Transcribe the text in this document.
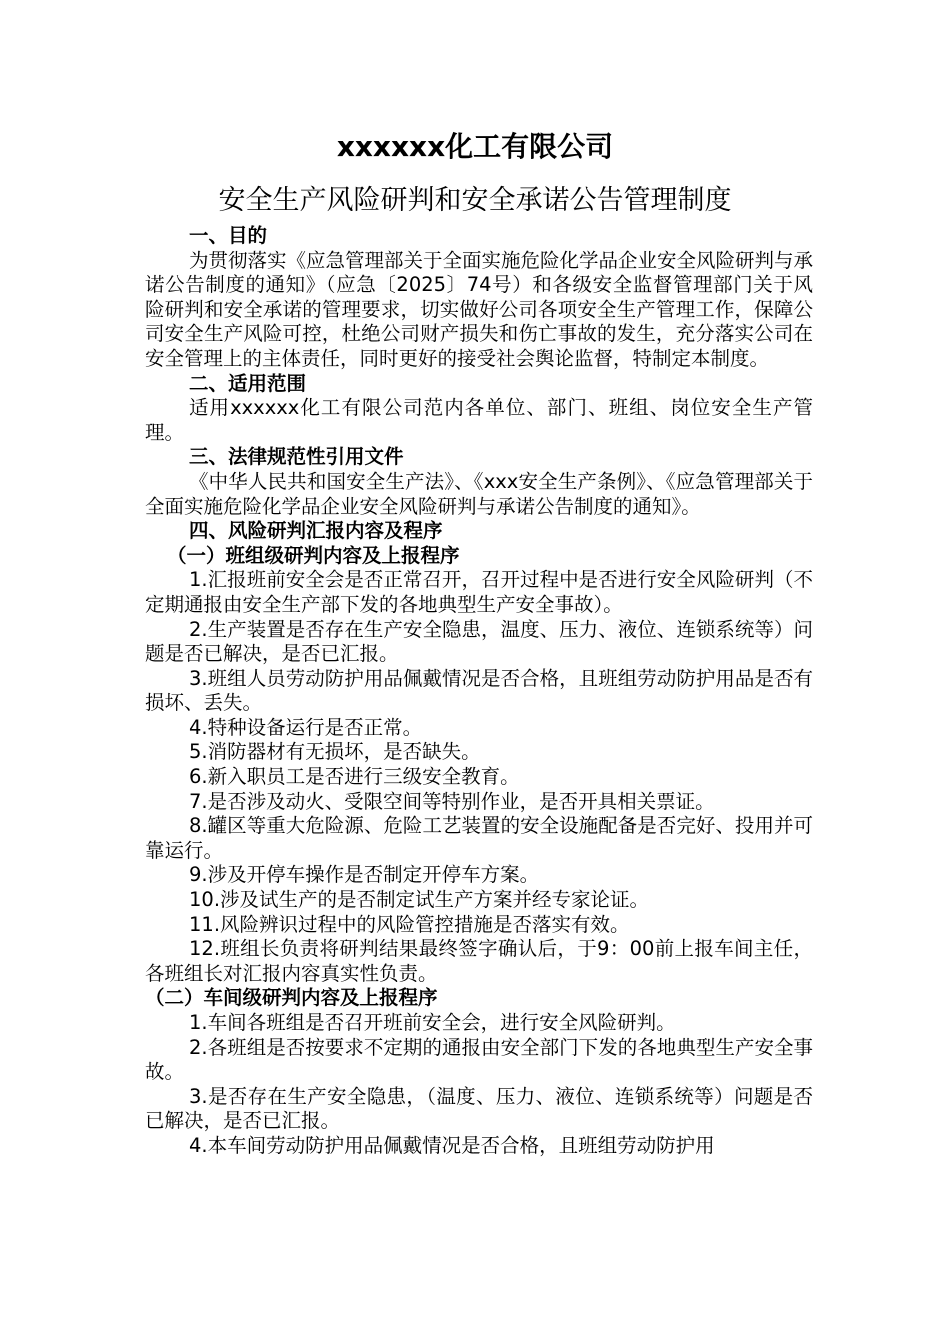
xxxxxx化工有限公司
安全生产风险研判和安全承诺公告管理制度

一、目的

为贯彻落实《应急管理部关于全面实施危险化学品企业安全风险研判与承诺公告制度的通知》（应急〔2025〕74号）和各级安全监督管理部门关于风险研判和安全承诺的管理要求，切实做好公司各项安全生产管理工作，保障公司安全生产风险可控，杜绝公司财产损失和伤亡事故的发生，充分落实公司在安全管理上的主体责任，同时更好的接受社会舆论监督，特制定本制度。

二、适用范围

适用xxxxxx化工有限公司范内各单位、部门、班组、岗位安全生产管理。

三、法律规范性引用文件

《中华人民共和国安全生产法》、《xxx安全生产条例》、《应急管理部关于全面实施危险化学品企业安全风险研判与承诺公告制度的通知》。

四、风险研判汇报内容及程序

（一）班组级研判内容及上报程序

1.汇报班前安全会是否正常召开，召开过程中是否进行安全风险研判（不定期通报由安全生产部下发的各地典型生产安全事故）。

2.生产装置是否存在生产安全隐患，温度、压力、液位、连锁系统等）问题是否已解决，是否已汇报。

3.班组人员劳动防护用品佩戴情况是否合格，且班组劳动防护用品是否有损坏、丢失。

4.特种设备运行是否正常。

5.消防器材有无损坏，是否缺失。

6.新入职员工是否进行三级安全教育。

7.是否涉及动火、受限空间等特别作业，是否开具相关票证。

8.罐区等重大危险源、危险工艺装置的安全设施配备是否完好、投用并可靠运行。

9.涉及开停车操作是否制定开停车方案。

10.涉及试生产的是否制定试生产方案并经专家论证。

11.风险辨识过程中的风险管控措施是否落实有效。

12.班组长负责将研判结果最终签字确认后，于9：00前上报车间主任，各班组长对汇报内容真实性负责。

（二）车间级研判内容及上报程序

1.车间各班组是否召开班前安全会，进行安全风险研判。

2.各班组是否按要求不定期的通报由安全部门下发的各地典型生产安全事故。

3.是否存在生产安全隐患，（温度、压力、液位、连锁系统等）问题是否已解决，是否已汇报。

4.本车间劳动防护用品佩戴情况是否合格，且班组劳动防护用
